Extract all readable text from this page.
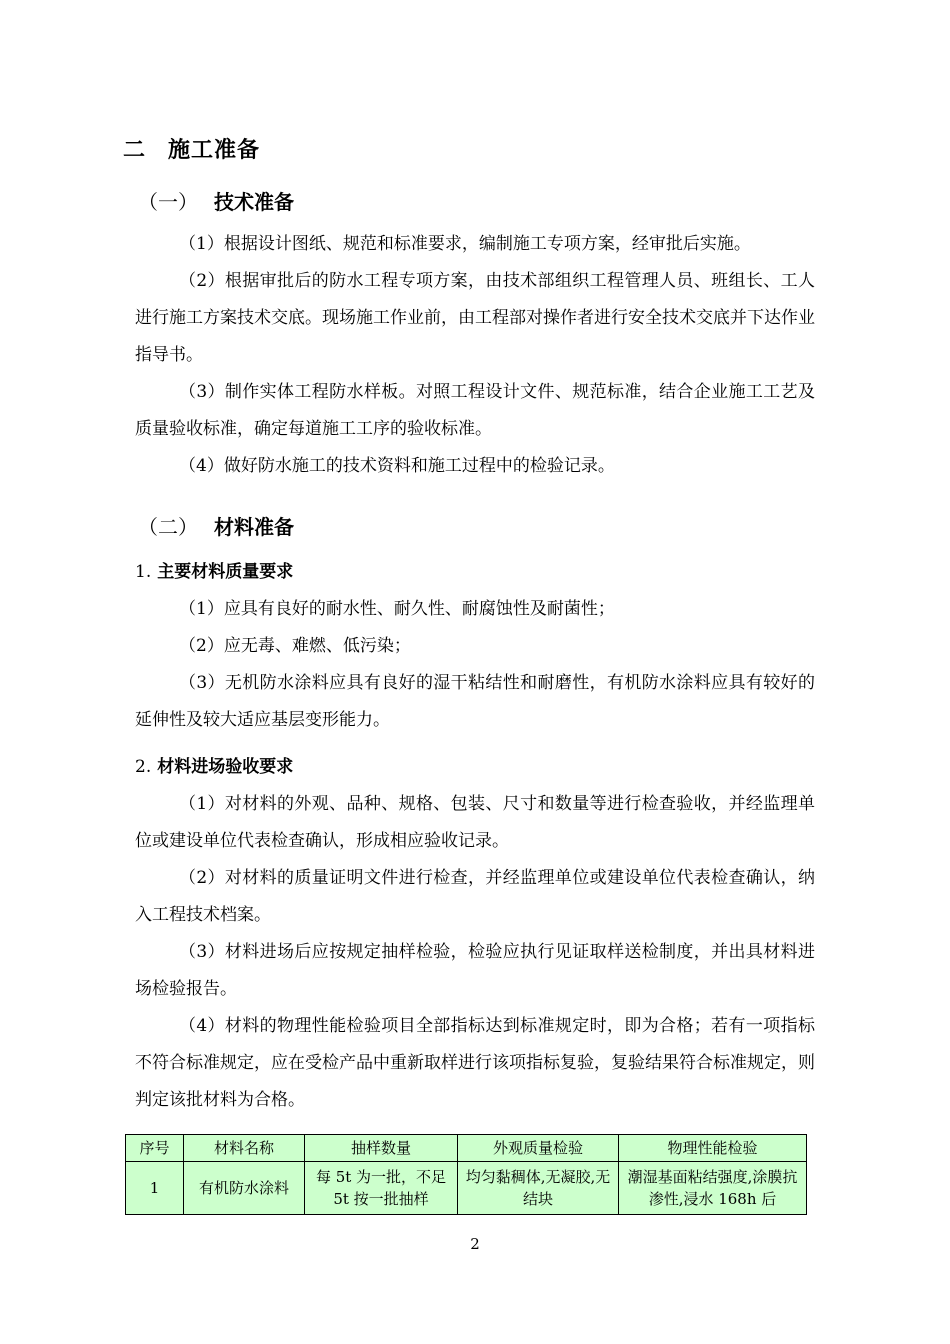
二 施工准备
（一） 技术准备
（1）根据设计图纸、规范和标准要求，编制施工专项方案，经审批后实施。
（2）根据审批后的防水工程专项方案，由技术部组织工程管理人员、班组长、工人进行施工方案技术交底。现场施工作业前，由工程部对操作者进行安全技术交底并下达作业指导书。
（3）制作实体工程防水样板。对照工程设计文件、规范标准，结合企业施工工艺及质量验收标准，确定每道施工工序的验收标准。
（4）做好防水施工的技术资料和施工过程中的检验记录。
（二） 材料准备
1. 主要材料质量要求
（1）应具有良好的耐水性、耐久性、耐腐蚀性及耐菌性；
（2）应无毒、难燃、低污染；
（3）无机防水涂料应具有良好的湿干粘结性和耐磨性，有机防水涂料应具有较好的延伸性及较大适应基层变形能力。
2. 材料进场验收要求
（1）对材料的外观、品种、规格、包装、尺寸和数量等进行检查验收，并经监理单位或建设单位代表检查确认，形成相应验收记录。
（2）对材料的质量证明文件进行检查，并经监理单位或建设单位代表检查确认，纳入工程技术档案。
（3）材料进场后应按规定抽样检验，检验应执行见证取样送检制度，并出具材料进场检验报告。
（4）材料的物理性能检验项目全部指标达到标准规定时，即为合格；若有一项指标不符合标准规定，应在受检产品中重新取样进行该项指标复验，复验结果符合标准规定，则判定该批材料为合格。
序号	材料名称	抽样数量	外观质量检验	物理性能检验
1	有机防水涂料	每 5t 为一批，不足 5t 按一批抽样	均匀黏稠体,无凝胶,无结块	潮湿基面粘结强度,涂膜抗渗性,浸水 168h 后
2
